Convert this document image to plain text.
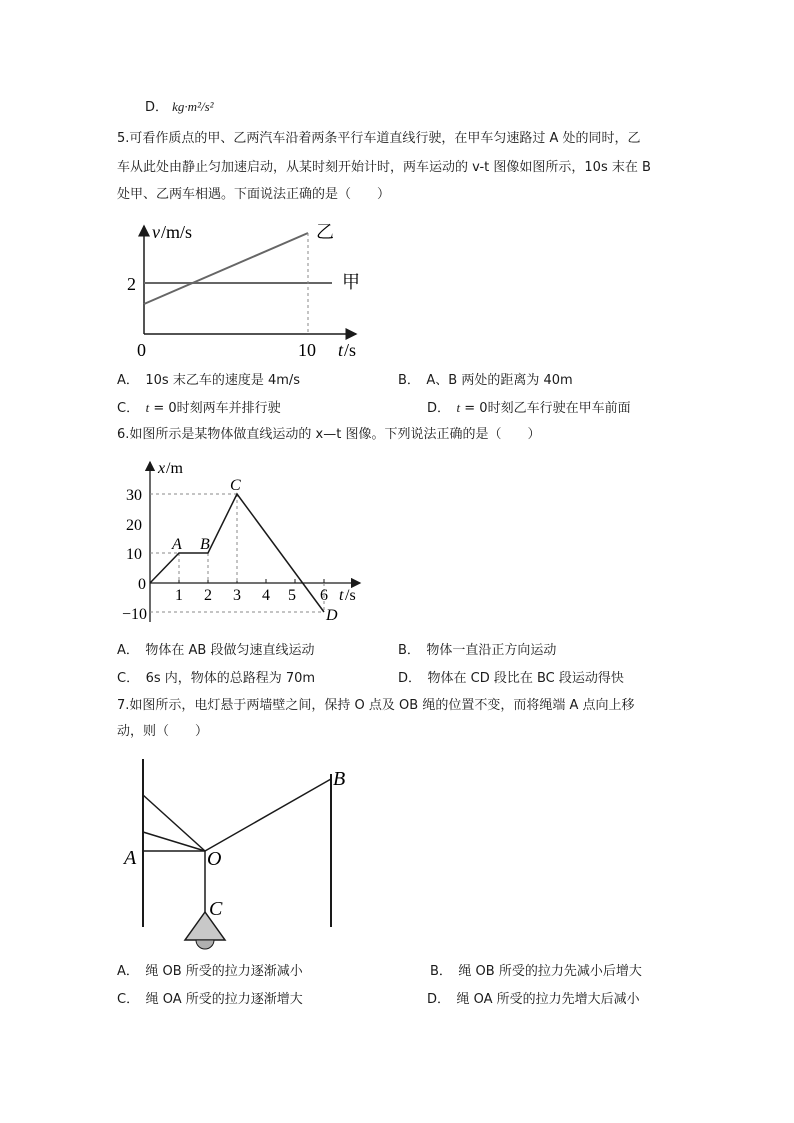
D． kg·m²/s²
5.可看作质点的甲、乙两汽车沿着两条平行车道直线行驶，在甲车匀速路过 A 处的同时，乙
车从此处由静止匀加速启动，从某时刻开始计时，两车运动的 v-t 图像如图所示，10s 末在 B
处甲、乙两车相遇。下面说法正确的是（　　）
v /m/s
2
0	10 t /s
乙
甲
A．　10s 末乙车的速度是 4m/s	B．　A、B 两处的距离为 40m
C．　t = 0时刻两车并排行驶	D．　t = 0时刻乙车行驶在甲车前面
6.如图所示是某物体做直线运动的 x—t 图像。下列说法正确的是（　　）
x /m
30
20
10
0
−10
1 2 3 4 5 6 t /s
A B
C
D
A．　物体在 AB 段做匀速直线运动	B．　物体一直沿正方向运动
C．　6s 内，物体的总路程为 70m	D．　物体在 CD 段比在 BC 段运动得快
7.如图所示，电灯悬于两墙壁之间，保持 O 点及 OB 绳的位置不变，而将绳端 A 点向上移
动，则（　　）
A
B
O
C
A．　绳 OB 所受的拉力逐渐减小	B．　绳 OB 所受的拉力先减小后增大
C．　绳 OA 所受的拉力逐渐增大	D．　绳 OA 所受的拉力先增大后减小
